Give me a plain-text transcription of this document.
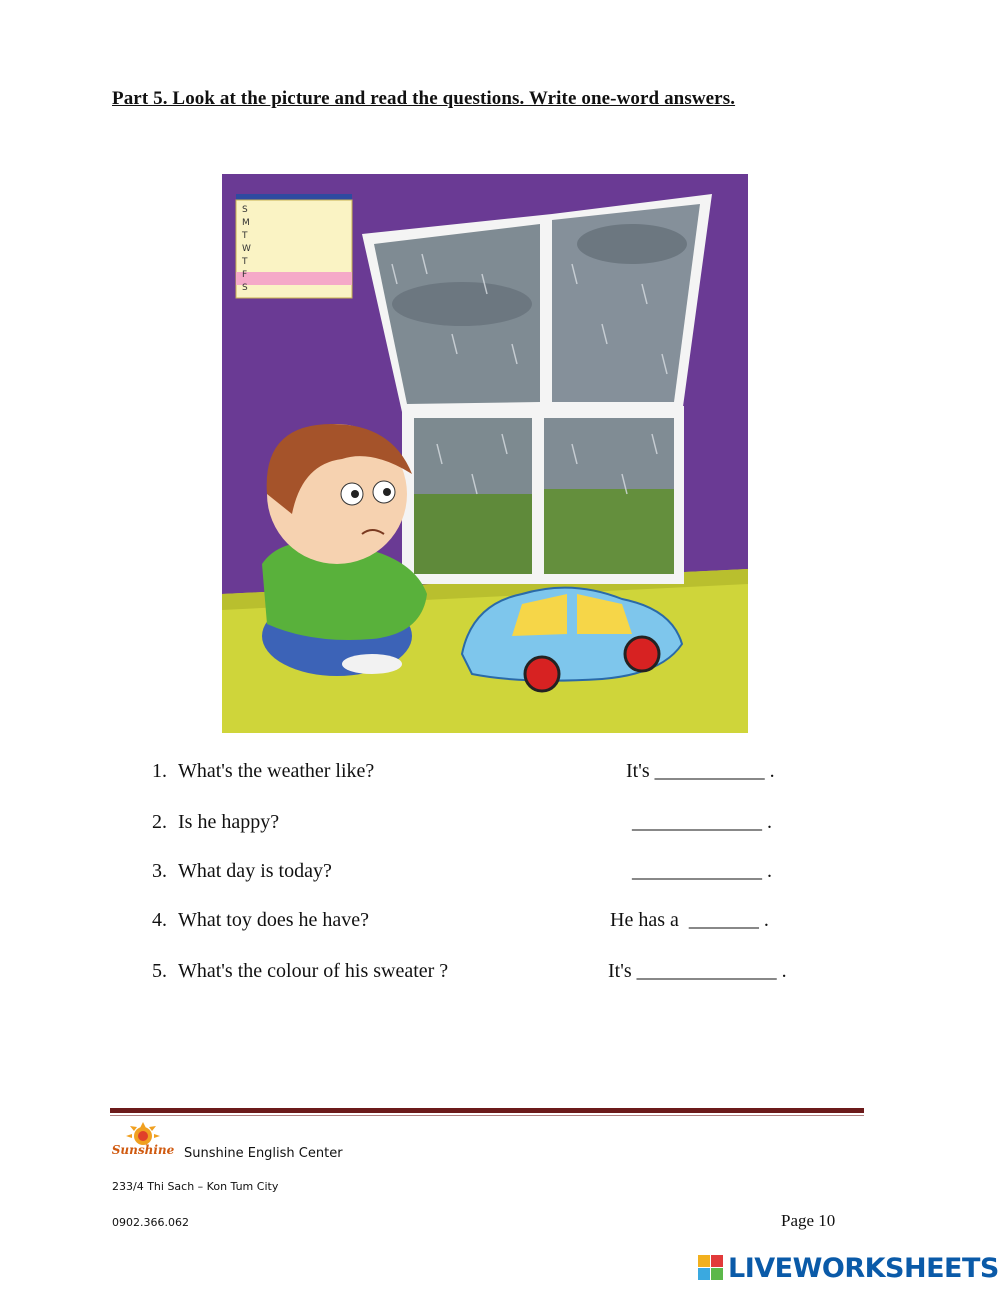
Part 5. Look at the picture and read the questions. Write one-word answers.
S
M
T
W
T
F
S
1. What's the weather like?	It's ___________ .
2. Is he happy?	_____________ .
3. What day is today?	_____________ .
4. What toy does he have?	He has a  _______ .
5. What's the colour of his sweater ?	It's ______________ .
Sunshine Sunshine English Center
233/4 Thi Sach – Kon Tum City
0902.366.062	Page 10
LIVEWORKSHEETS
